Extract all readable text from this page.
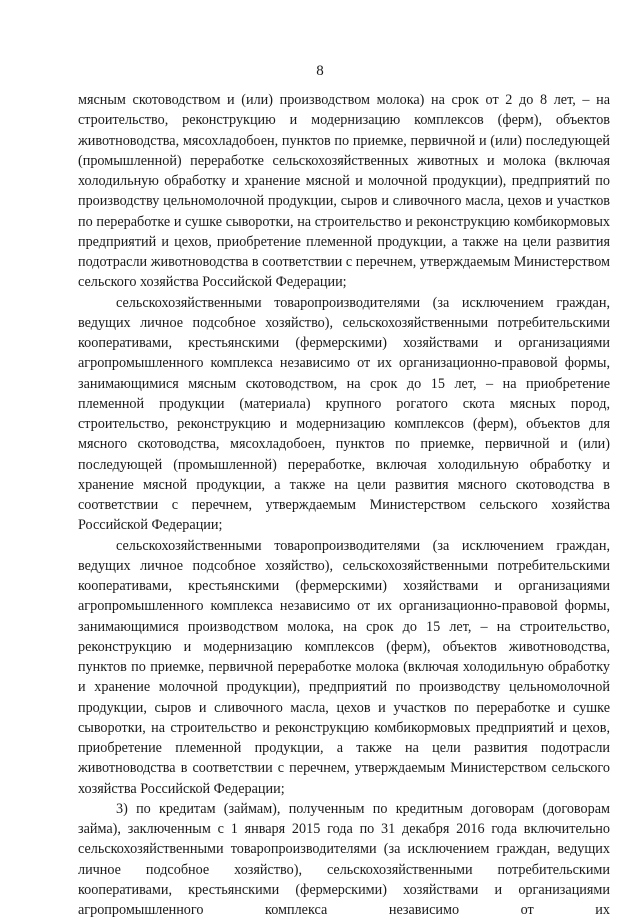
8

мясным скотоводством и (или) производством молока) на срок от 2 до 8 лет, – на строительство, реконструкцию и модернизацию комплексов (ферм), объектов животноводства, мясохладобоен, пунктов по приемке, первичной и (или) последующей (промышленной) переработке сельскохозяйственных животных и молока (включая холодильную обработку и хранение мясной и молочной продукции), предприятий по производству цельномолочной продукции, сыров и сливочного масла, цехов и участков по переработке и сушке сыворотки, на строительство и реконструкцию комбикормовых предприятий и цехов, приобретение племенной продукции, а также на цели развития подотрасли животноводства в соответствии с перечнем, утверждаемым Министерством сельского хозяйства Российской Федерации;

сельскохозяйственными товаропроизводителями (за исключением граждан, ведущих личное подсобное хозяйство), сельскохозяйственными потребительскими кооперативами, крестьянскими (фермерскими) хозяйствами и организациями агропромышленного комплекса независимо от их организационно-правовой формы, занимающимися мясным скотоводством, на срок до 15 лет, – на приобретение племенной продукции (материала) крупного рогатого скота мясных пород, строительство, реконструкцию и модернизацию комплексов (ферм), объектов для мясного скотоводства, мясохладобоен, пунктов по приемке, первичной и (или) последующей (промышленной) переработке, включая холодильную обработку и хранение мясной продукции, а также на цели развития мясного скотоводства в соответствии с перечнем, утверждаемым Министерством сельского хозяйства Российской Федерации;

сельскохозяйственными товаропроизводителями (за исключением граждан, ведущих личное подсобное хозяйство), сельскохозяйственными потребительскими кооперативами, крестьянскими (фермерскими) хозяйствами и организациями агропромышленного комплекса независимо от их организационно-правовой формы, занимающимися производством молока, на срок до 15 лет, – на строительство, реконструкцию и модернизацию комплексов (ферм), объектов животноводства, пунктов по приемке, первичной переработке молока (включая холодильную обработку и хранение молочной продукции), предприятий по производству цельномолочной продукции, сыров и сливочного масла, цехов и участков по переработке и сушке сыворотки, на строительство и реконструкцию комбикормовых предприятий и цехов, приобретение племенной продукции, а также на цели развития подотрасли животноводства в соответствии с перечнем, утверждаемым Министерством сельского хозяйства Российской Федерации;

3) по кредитам (займам), полученным по кредитным договорам (договорам займа), заключенным с 1 января 2015 года по 31 декабря 2016 года включительно сельскохозяйственными товаропроизводителями (за исключением граждан, ведущих личное подсобное хозяйство), сельскохозяйственными потребительскими кооперативами, крестьянскими (фермерскими) хозяйствами и организациями агропромышленного комплекса независимо от их
